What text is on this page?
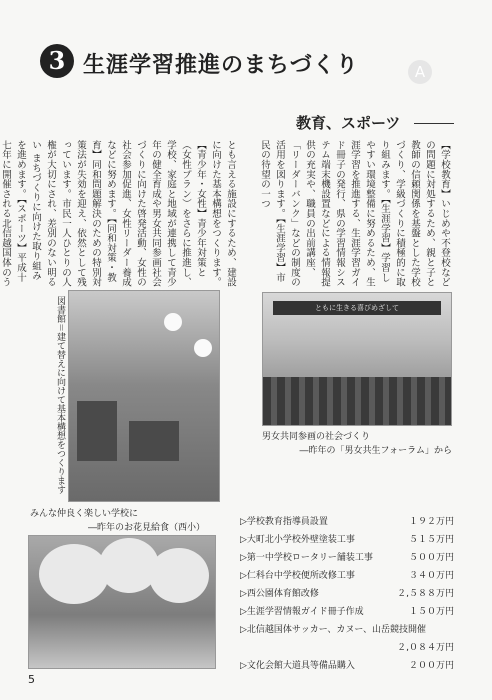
3 生涯学習推進のまちづくり	A
教育、スポーツ
【学校教育】いじめや不登校などの問題に対処するため、親と子と教師の信頼関係を基盤とした学校づくり、学級づくりに積極的に取り組みます。【生涯学習】学習しやすい環境整備に努めるため、生涯学習を推進する、生涯学習ガイド冊子の発行、県の学習情報システム端末機設置などによる情報提供の充実や、職員の出前講座、「リーダーバンク」などの制度の活用を図ります。【生涯学習】市民の待望の一つ
とも言える施設にするため、建設に向けた基本構想をつくります。【青少年・女性】青少年対策と（女性プラン）をさらに推進し、学校、家庭と地域が連携して青少年の健全育成や男女共同参画社会づくりに向けた啓発活動、女性の社会参加促進、女性リーダー養成などに努めます。【同和対策・教育】同和問題解決のための特別対策法が失効を迎え、依然として残っています。市民一人ひとりの人権が大切にされ、差別のない明るい まちづくりに向けた取り組みを進めます。【スポーツ】平成十七年に開催される北信越国体のう
図書館＝建て替えに向けて基本構想をつくります	ともに生きる喜びめざして
男女共同参画の社会づくり
―昨年の「男女共生フォーラム」から
みんな仲良く楽しい学校に
―昨年のお花見給食（西小）
▷学校教育指導員設置	１９２万円
▷大町北小学校外壁塗装工事	５１５万円
▷第一中学校ロータリー舗装工事	５００万円
▷仁科台中学校便所改修工事	３４０万円
▷西公園体育館改修	２,５８８万円
▷生涯学習情報ガイド冊子作成	１５０万円
▷北信越国体サッカー、カヌー、山岳競技開催
２,０８４万円
▷文化会館大道具等備品購入	２００万円
5
